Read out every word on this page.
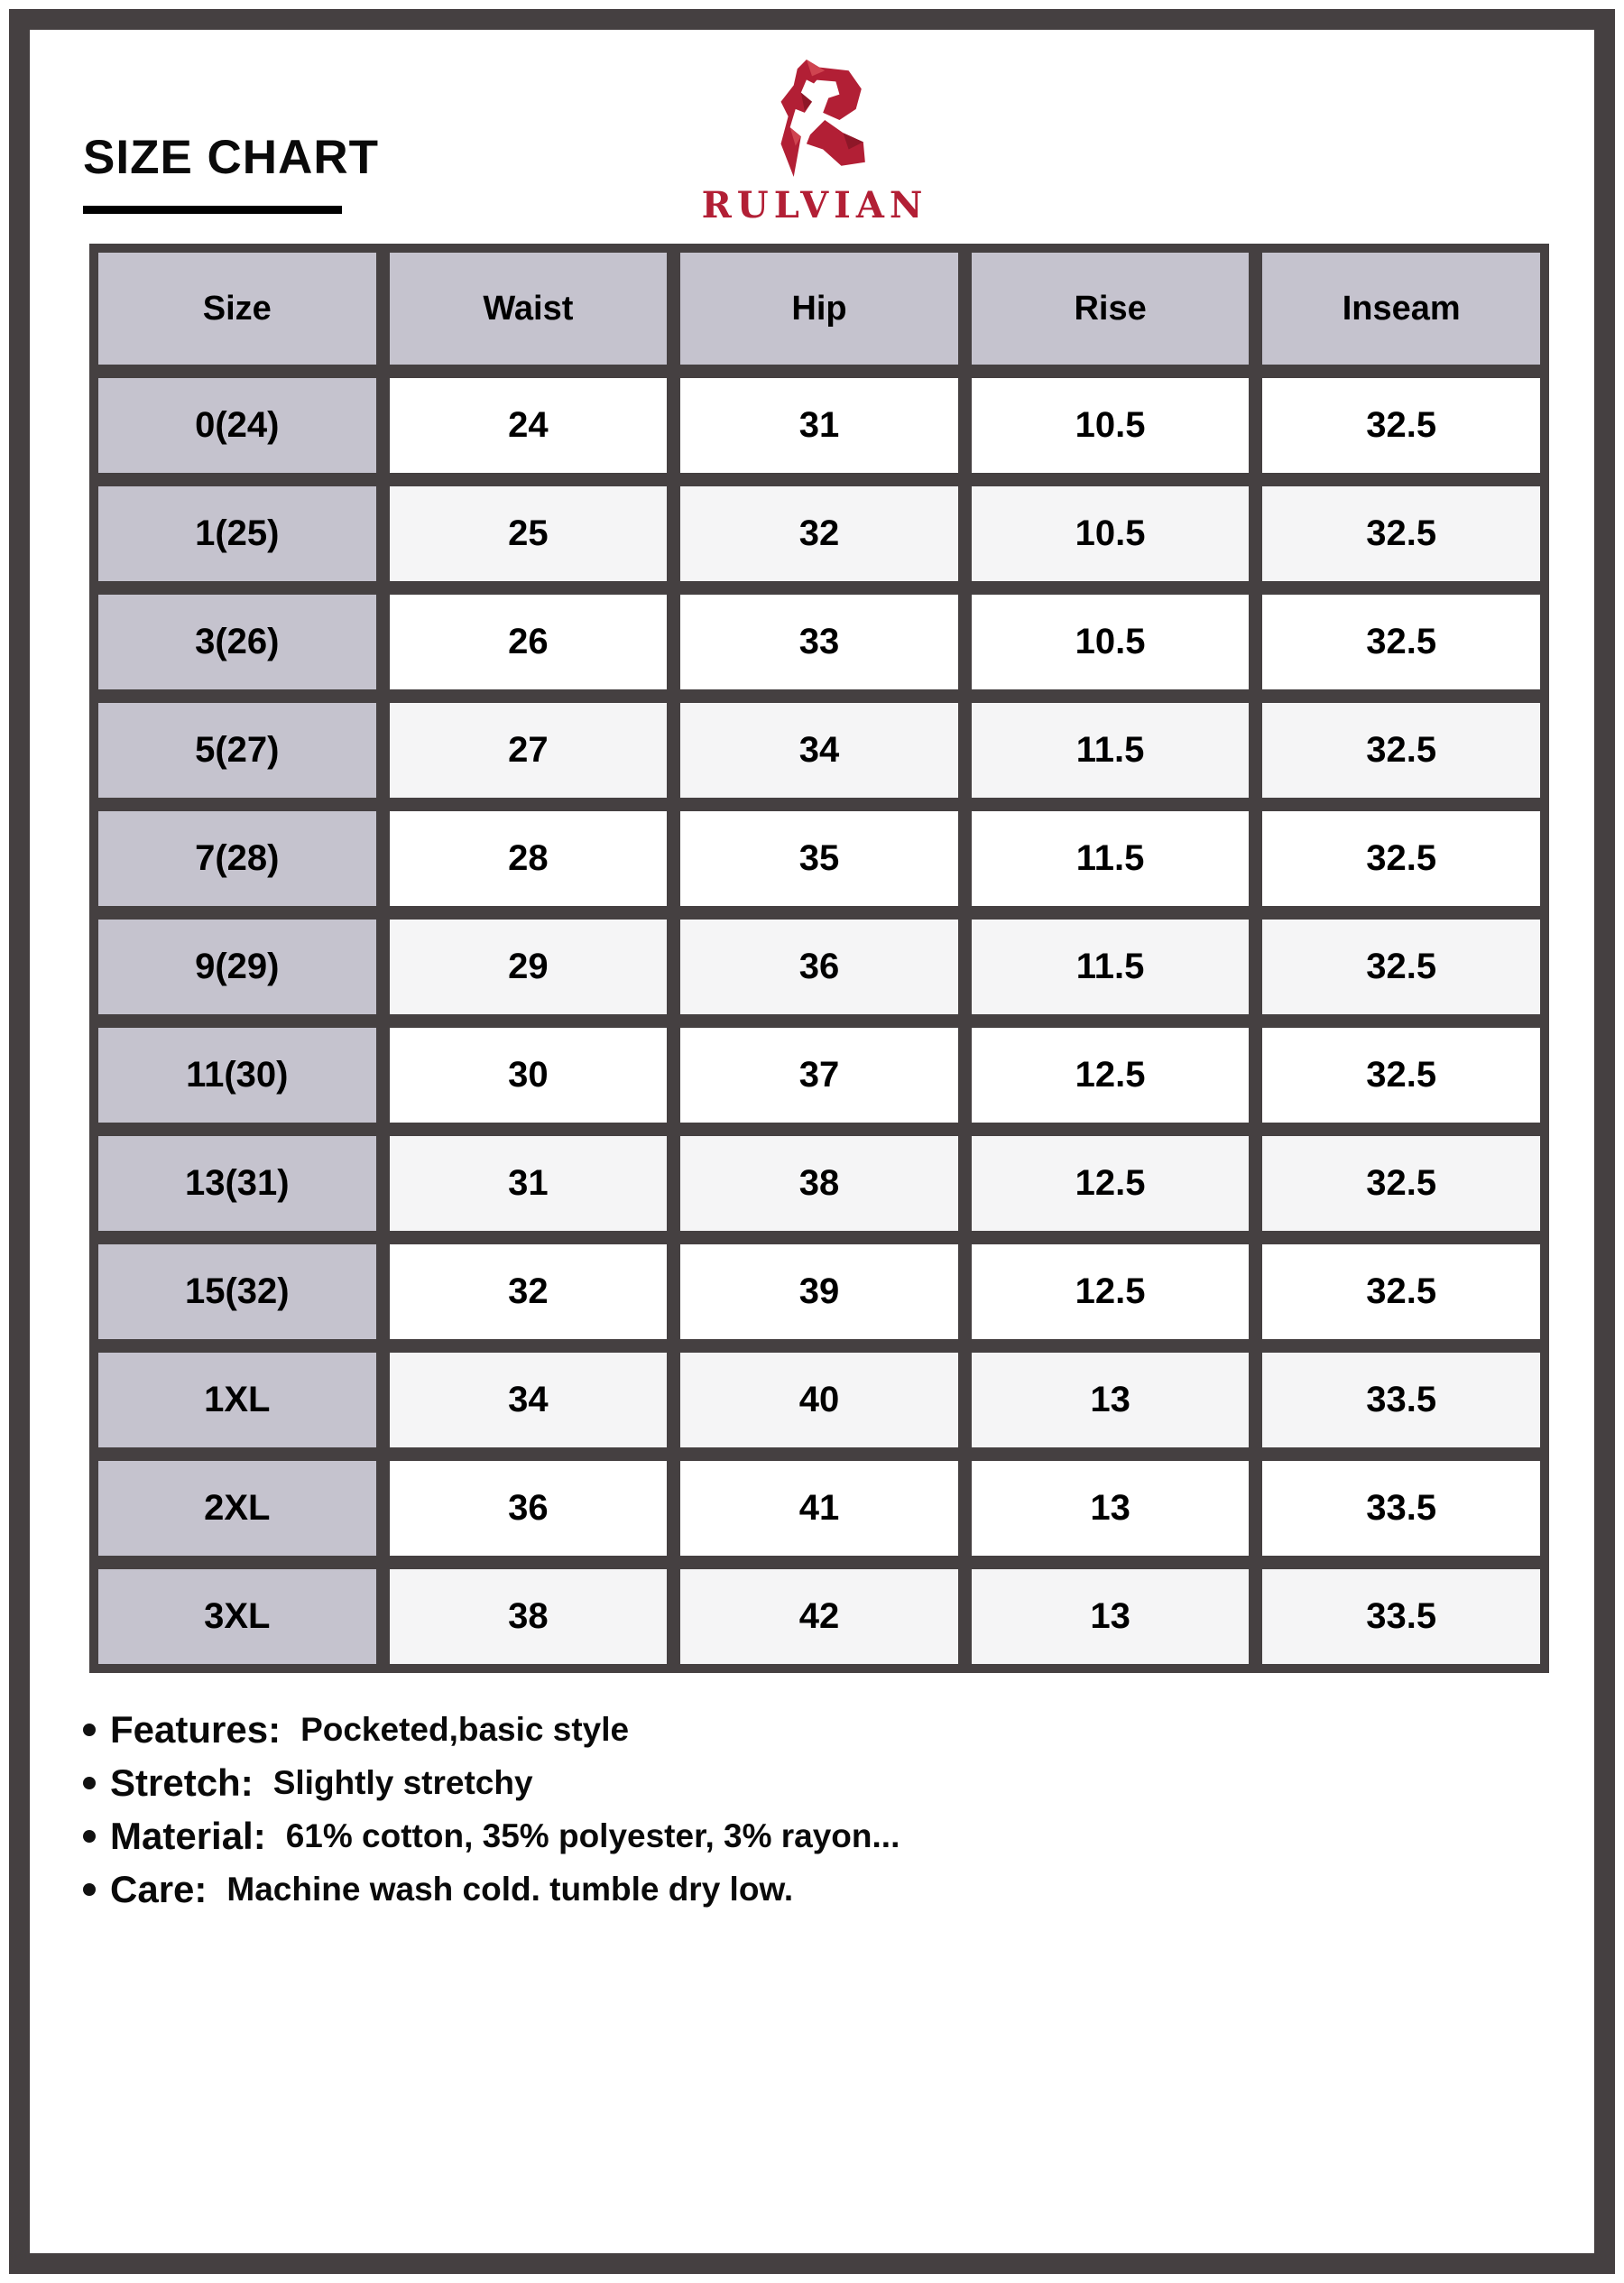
SIZE CHART
RULVIAN
Size	Waist	Hip	Rise	Inseam
0(24)	24	31	10.5	32.5
1(25)	25	32	10.5	32.5
3(26)	26	33	10.5	32.5
5(27)	27	34	11.5	32.5
7(28)	28	35	11.5	32.5
9(29)	29	36	11.5	32.5
11(30)	30	37	12.5	32.5
13(31)	31	38	12.5	32.5
15(32)	32	39	12.5	32.5
1XL	34	40	13	33.5
2XL	36	41	13	33.5
3XL	38	42	13	33.5
Features: Pocketed,basic style
Stretch: Slightly stretchy
Material: 61% cotton, 35% polyester, 3% rayon...
Care: Machine wash cold. tumble dry low.
